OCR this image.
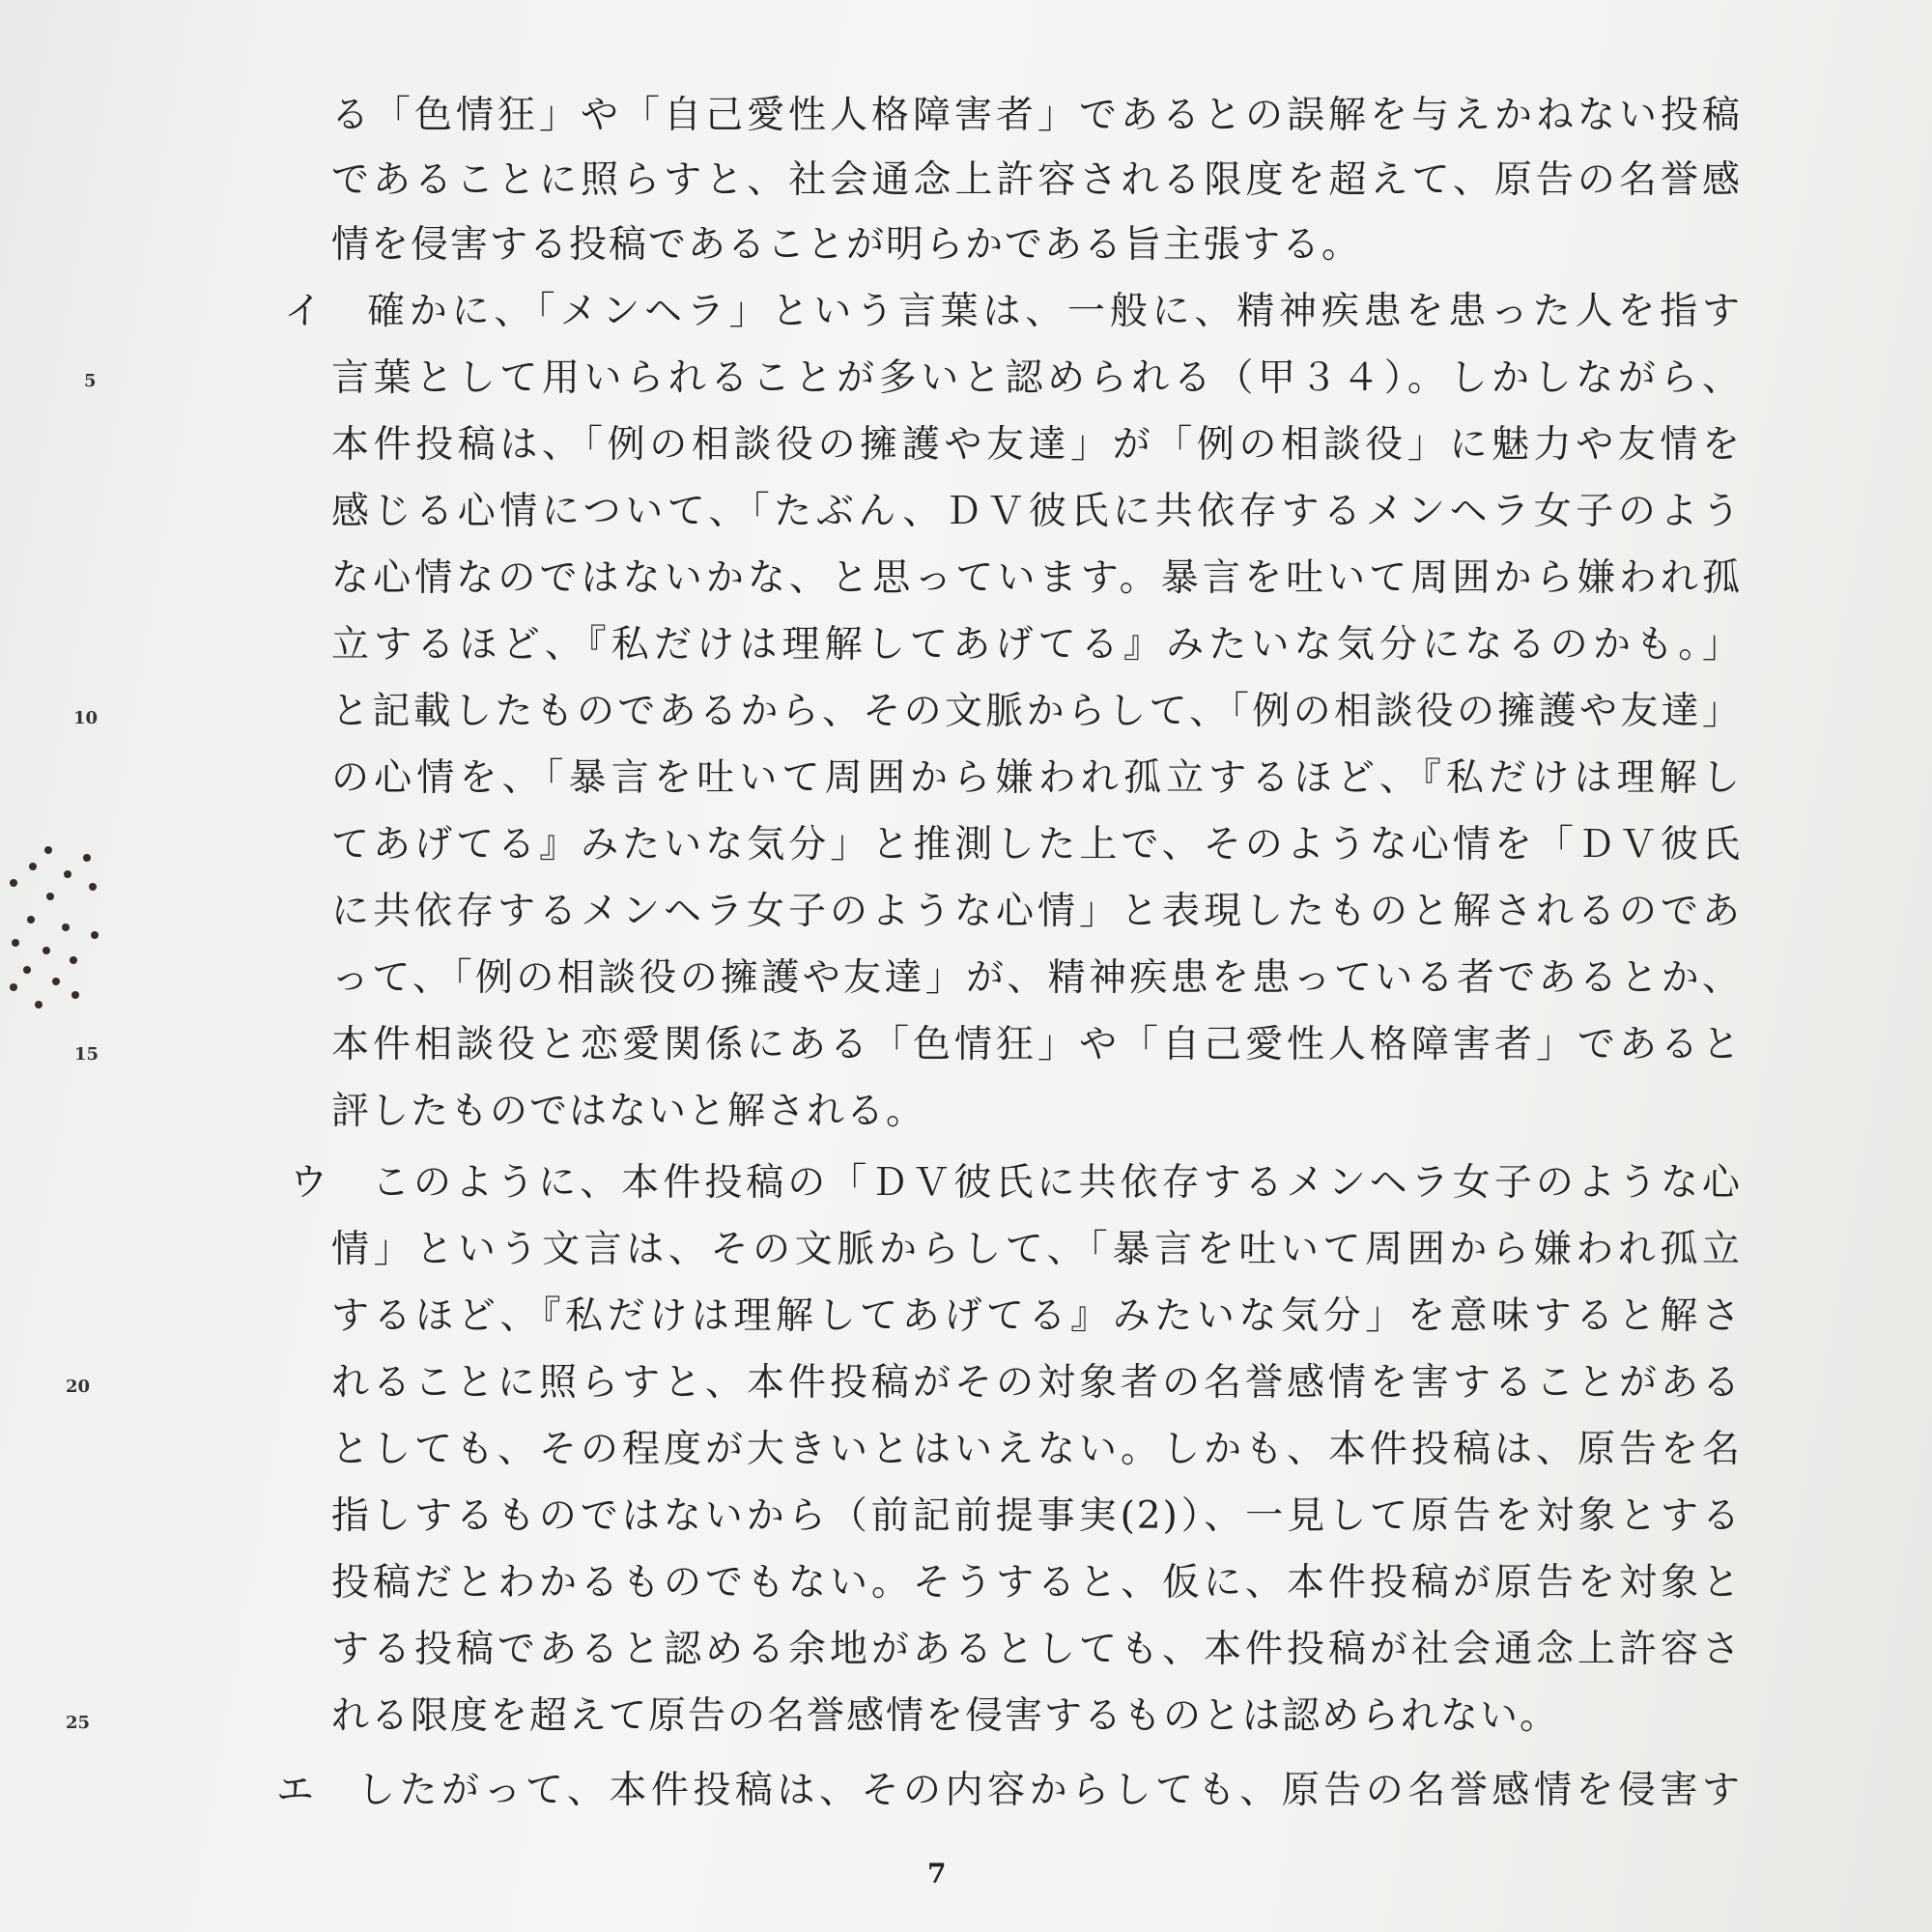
5
10
15
20
25
イ
ウ
エ
る「色情狂」や「自己愛性人格障害者」であるとの誤解を与えかねない投稿
であることに照らすと、社会通念上許容される限度を超えて、原告の名誉感
情を侵害する投稿であることが明らかである旨主張する。
確かに、「メンヘラ」という言葉は、一般に、精神疾患を患った人を指す
言葉として用いられることが多いと認められる（甲３４）。しかしながら、
本件投稿は、「例の相談役の擁護や友達」が「例の相談役」に魅力や友情を
感じる心情について、「たぶん、ＤＶ彼氏に共依存するメンヘラ女子のよう
な心情なのではないかな、と思っています。暴言を吐いて周囲から嫌われ孤
立するほど、『私だけは理解してあげてる』みたいな気分になるのかも。」
と記載したものであるから、その文脈からして、「例の相談役の擁護や友達」
の心情を、「暴言を吐いて周囲から嫌われ孤立するほど、『私だけは理解し
てあげてる』みたいな気分」と推測した上で、そのような心情を「ＤＶ彼氏
に共依存するメンヘラ女子のような心情」と表現したものと解されるのであ
って、「例の相談役の擁護や友達」が、精神疾患を患っている者であるとか、
本件相談役と恋愛関係にある「色情狂」や「自己愛性人格障害者」であると
評したものではないと解される。
このように、本件投稿の「ＤＶ彼氏に共依存するメンヘラ女子のような心
情」という文言は、その文脈からして、「暴言を吐いて周囲から嫌われ孤立
するほど、『私だけは理解してあげてる』みたいな気分」を意味すると解さ
れることに照らすと、本件投稿がその対象者の名誉感情を害することがある
としても、その程度が大きいとはいえない。しかも、本件投稿は、原告を名
指しするものではないから（前記前提事実(2)）、一見して原告を対象とする
投稿だとわかるものでもない。そうすると、仮に、本件投稿が原告を対象と
する投稿であると認める余地があるとしても、本件投稿が社会通念上許容さ
れる限度を超えて原告の名誉感情を侵害するものとは認められない。
したがって、本件投稿は、その内容からしても、原告の名誉感情を侵害す
7
